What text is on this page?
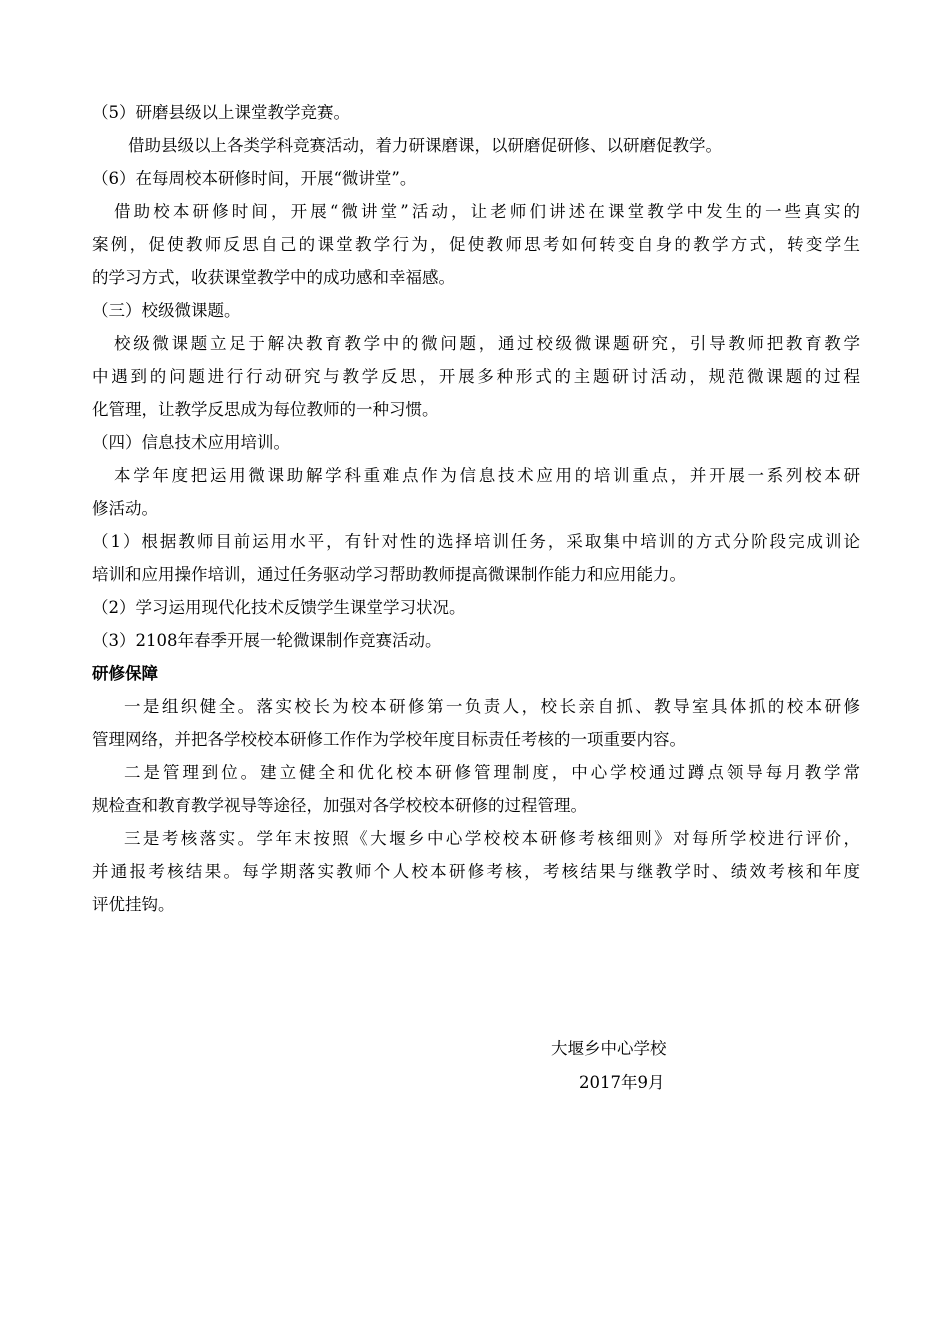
（5）研磨县级以上课堂教学竞赛。

借助县级以上各类学科竞赛活动，着力研课磨课，以研磨促研修、以研磨促教学。

（6）在每周校本研修时间，开展“微讲堂”。

借助校本研修时间，开展“微讲堂”活动，让老师们讲述在课堂教学中发生的一些真实的

案例，促使教师反思自己的课堂教学行为，促使教师思考如何转变自身的教学方式，转变学生

的学习方式，收获课堂教学中的成功感和幸福感。

（三）校级微课题。

校级微课题立足于解决教育教学中的微问题，通过校级微课题研究，引导教师把教育教学

中遇到的问题进行行动研究与教学反思，开展多种形式的主题研讨活动，规范微课题的过程

化管理，让教学反思成为每位教师的一种习惯。

（四）信息技术应用培训。

本学年度把运用微课助解学科重难点作为信息技术应用的培训重点，并开展一系列校本研

修活动。

（1）根据教师目前运用水平，有针对性的选择培训任务，采取集中培训的方式分阶段完成训论

培训和应用操作培训，通过任务驱动学习帮助教师提高微课制作能力和应用能力。

（2）学习运用现代化技术反馈学生课堂学习状况。

（3）2108年春季开展一轮微课制作竞赛活动。

研修保障

一是组织健全。落实校长为校本研修第一负责人，校长亲自抓、教导室具体抓的校本研修

管理网络，并把各学校校本研修工作作为学校年度目标责任考核的一项重要内容。

二是管理到位。建立健全和优化校本研修管理制度，中心学校通过蹲点领导每月教学常

规检查和教育教学视导等途径，加强对各学校校本研修的过程管理。

三是考核落实。学年末按照《大堰乡中心学校校本研修考核细则》对每所学校进行评价，

并通报考核结果。每学期落实教师个人校本研修考核，考核结果与继教学时、绩效考核和年度

评优挂钩。

大堰乡中心学校
2017年9月
